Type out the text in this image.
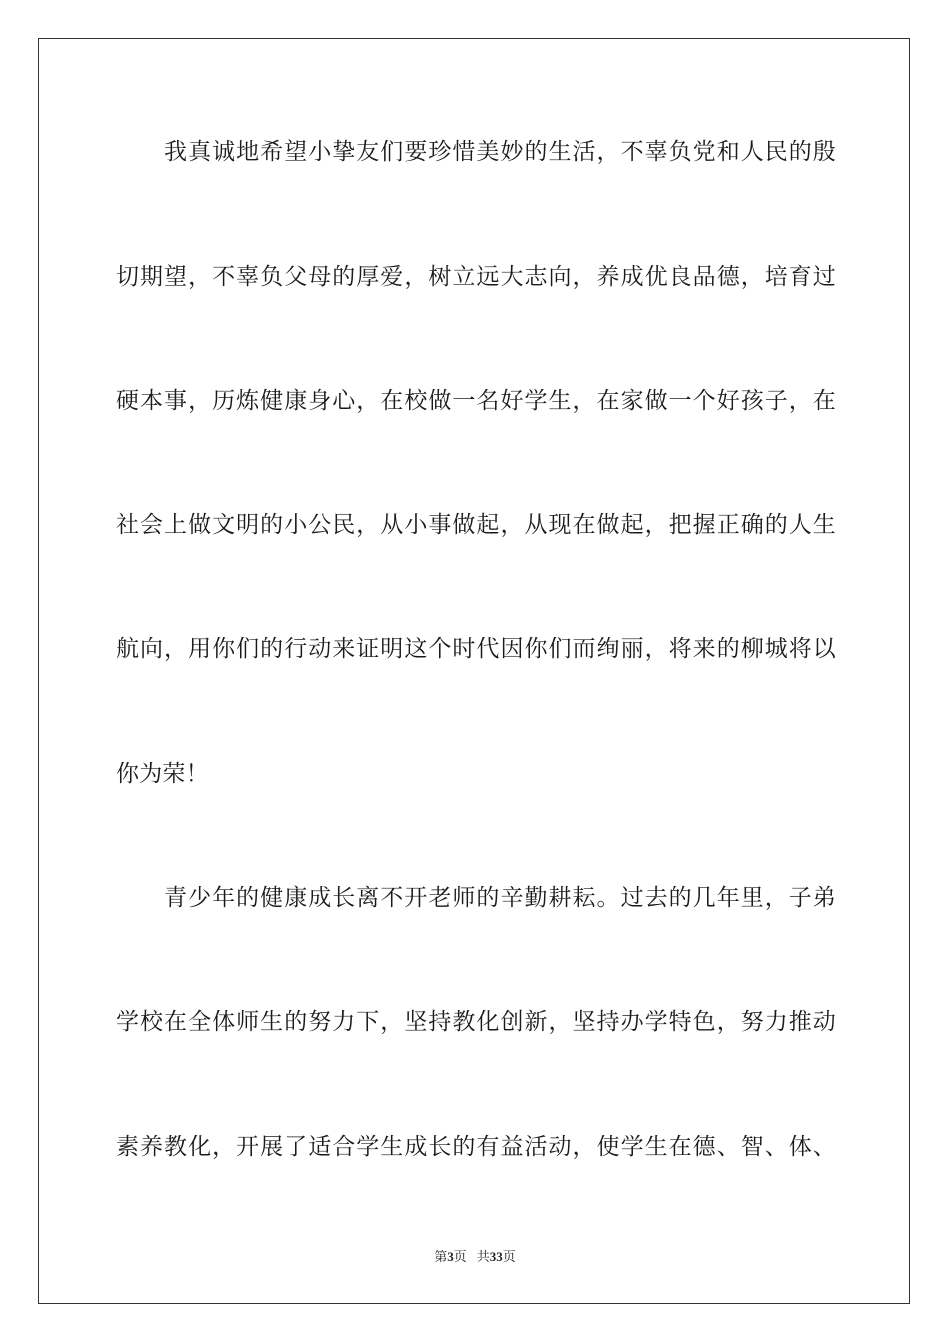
　　我真诚地希望小挚友们要珍惜美妙的生活，不辜负党和人民的殷
切期望，不辜负父母的厚爱，树立远大志向，养成优良品德，培育过
硬本事，历炼健康身心，在校做一名好学生，在家做一个好孩子，在
社会上做文明的小公民，从小事做起，从现在做起，把握正确的人生
航向，用你们的行动来证明这个时代因你们而绚丽，将来的柳城将以
你为荣！
　　青少年的健康成长离不开老师的辛勤耕耘。过去的几年里，子弟
学校在全体师生的努力下，坚持教化创新，坚持办学特色，努力推动
素养教化，开展了适合学生成长的有益活动，使学生在德、智、体、
第3页 共33页
